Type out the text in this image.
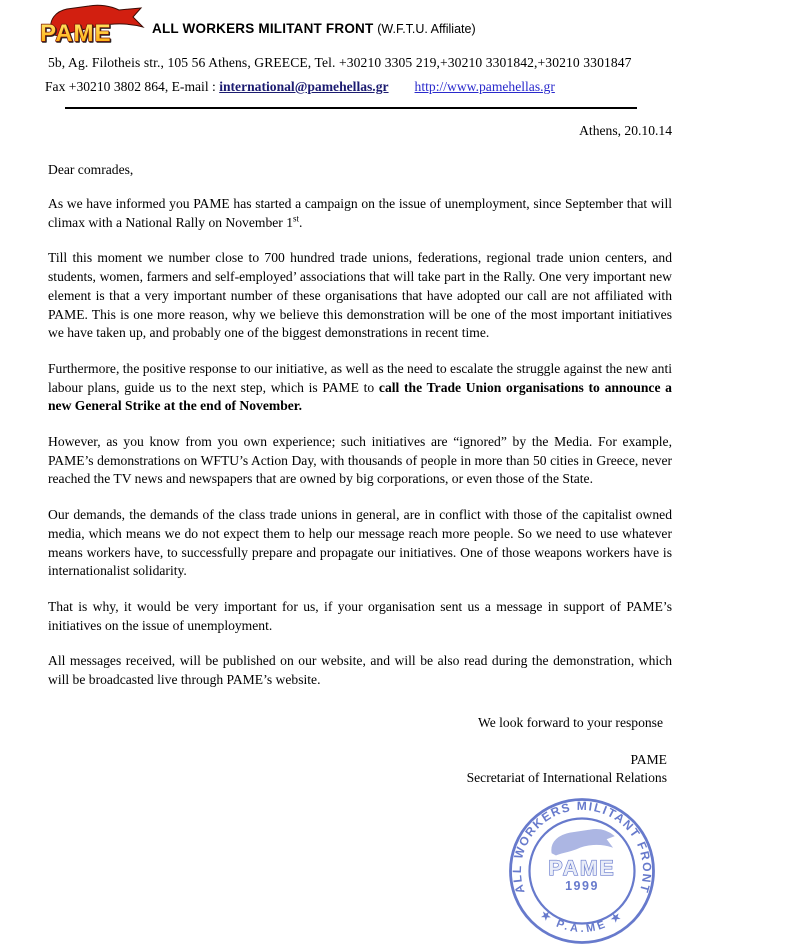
PAME	ALL WORKERS MILITANT FRONT (W.F.T.U. Affiliate)
5b, Ag. Filotheis str., 105 56 Athens, GREECE, Tel. +30210 3305 219,+30210 3301842,+30210 3301847
Fax +30210 3802 864, E-mail : international@pamehellas.gr http://www.pamehellas.gr
Athens, 20.10.14
Dear comrades,
As we have informed you PAME has started a campaign on the issue of unemployment, since September that will climax with a National Rally on November 1st.
Till this moment we number close to 700 hundred trade unions, federations, regional trade union centers, and students, women, farmers and self-employed’ associations that will take part in the Rally. One very important new element is that a very important number of these organisations that have adopted our call are not affiliated with PAME. This is one more reason, why we believe this demonstration will be one of the most important initiatives we have taken up, and probably one of the biggest demonstrations in recent time.
Furthermore, the positive response to our initiative, as well as the need to escalate the struggle against the new anti labour plans, guide us to the next step, which is PAME to call the Trade Union organisations to announce a new General Strike at the end of November.
However, as you know from you own experience; such initiatives are “ignored” by the Media. For example, PAME’s demonstrations on WFTU’s Action Day, with thousands of people in more than 50 cities in Greece, never reached the TV news and newspapers that are owned by big corporations, or even those of the State.
Our demands, the demands of the class trade unions in general, are in conflict with those of the capitalist owned media, which means we do not expect them to help our message reach more people. So we need to use whatever means workers have, to successfully prepare and propagate our initiatives. One of those weapons workers have is internationalist solidarity.
That is why, it would be very important for us, if your organisation sent us a message in support of PAME’s initiatives on the issue of unemployment.
All messages received, will be published on our website, and will be also read during the demonstration, which will be broadcasted live through PAME’s website.
We look forward to your response
PAME
Secretariat of International Relations
ALL WORKERS MILITANT FRONT
★ P.A.ME ★
PAME
1999
